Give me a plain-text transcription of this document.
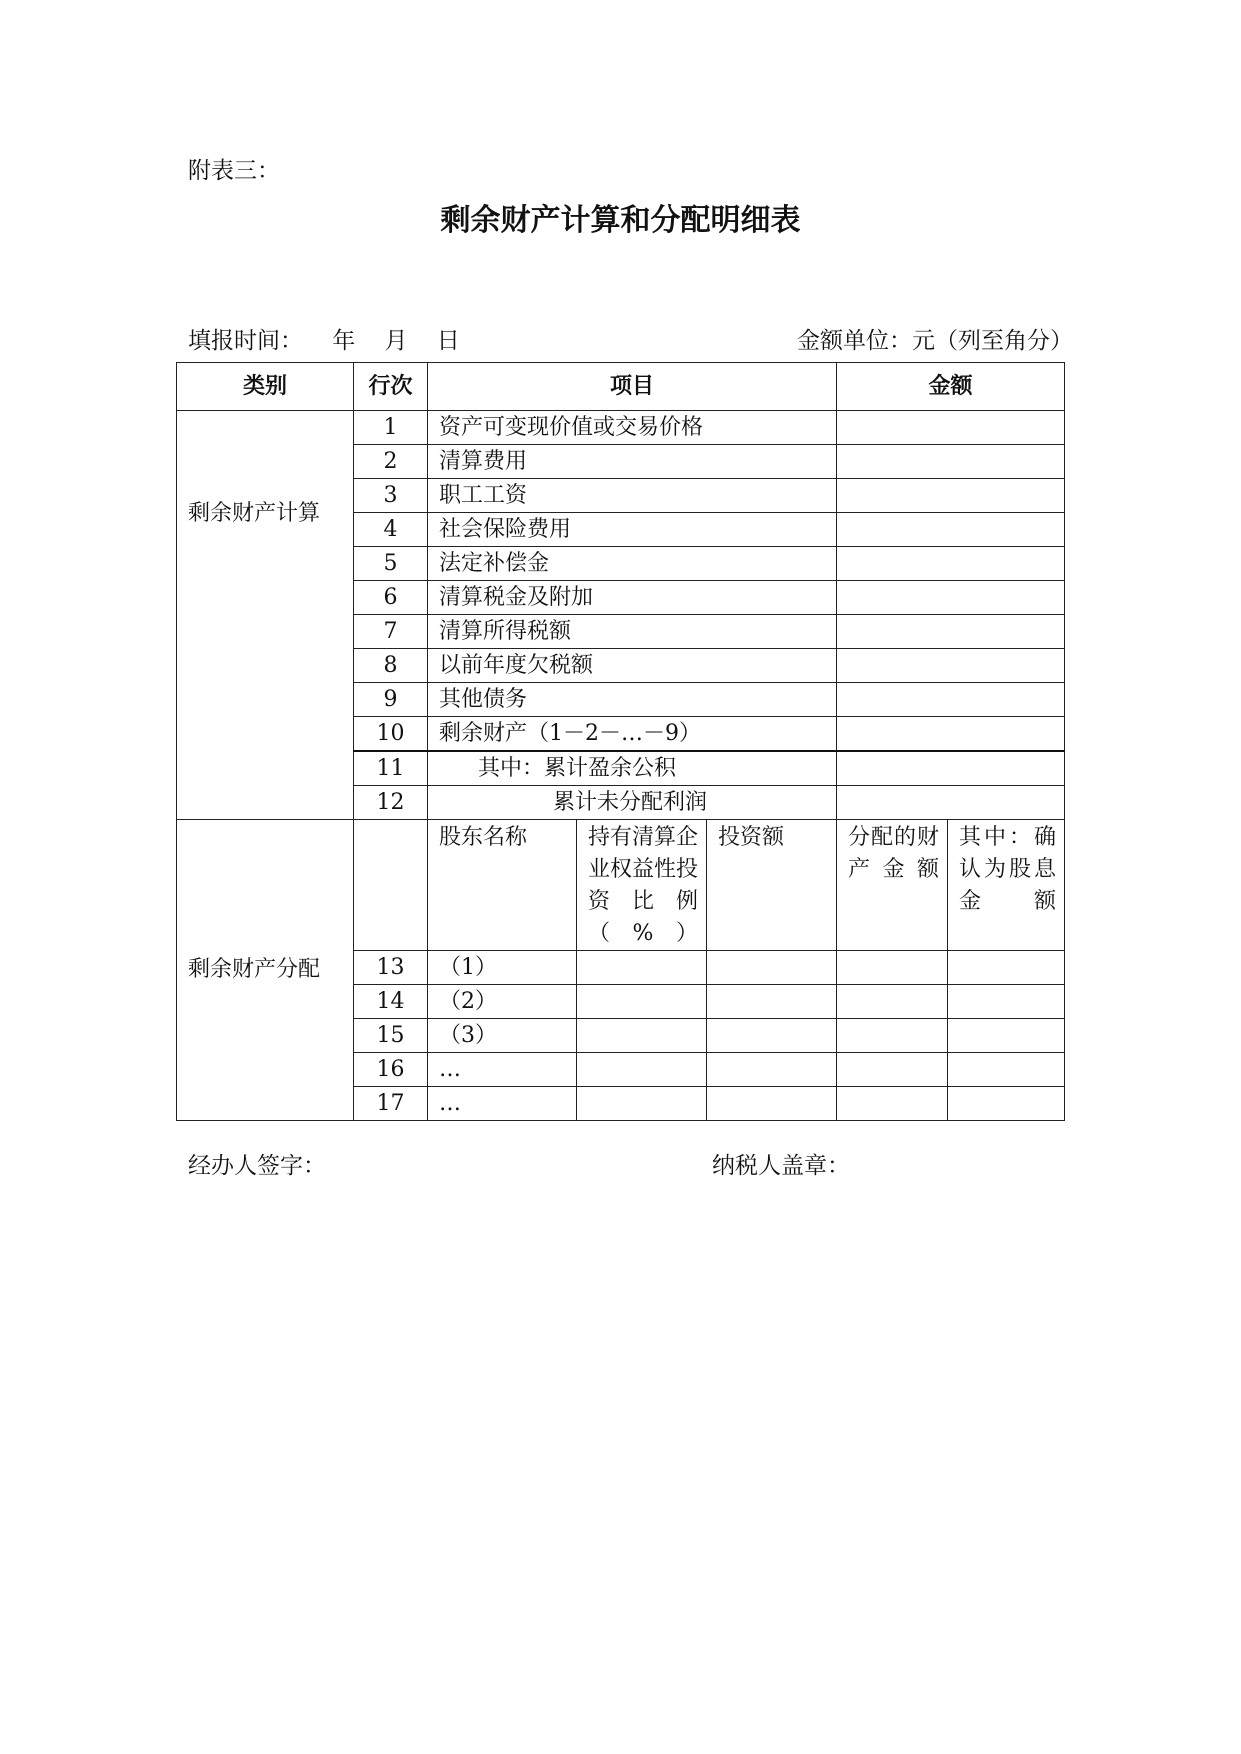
附表三：
剩余财产计算和分配明细表
填报时间： 年    月    日	金额单位：元（列至角分）
类别	行次	项目			金额	

剩余财产计算	1	资产可变现价值或交易价格				
	2	清算费用				
	3	职工工资				
	4	社会保险费用				
	5	法定补偿金				
	6	清算税金及附加				
	7	清算所得税额				
	8	以前年度欠税额				
	9	其他债务				
	10	剩余财产（1－2－…－9）				
	11	其中：累计盈余公积				
	12	累计未分配利润				

剩余财产分配		股东名称	持有清算企业权益性投资比例（%）	投资额	分配的财产金额	其中：确认为股息金额
	13	（1）				
	14	（2）				
	15	（3）				
	16	…				
	17	…				
经办人签字：	纳税人盖章：
